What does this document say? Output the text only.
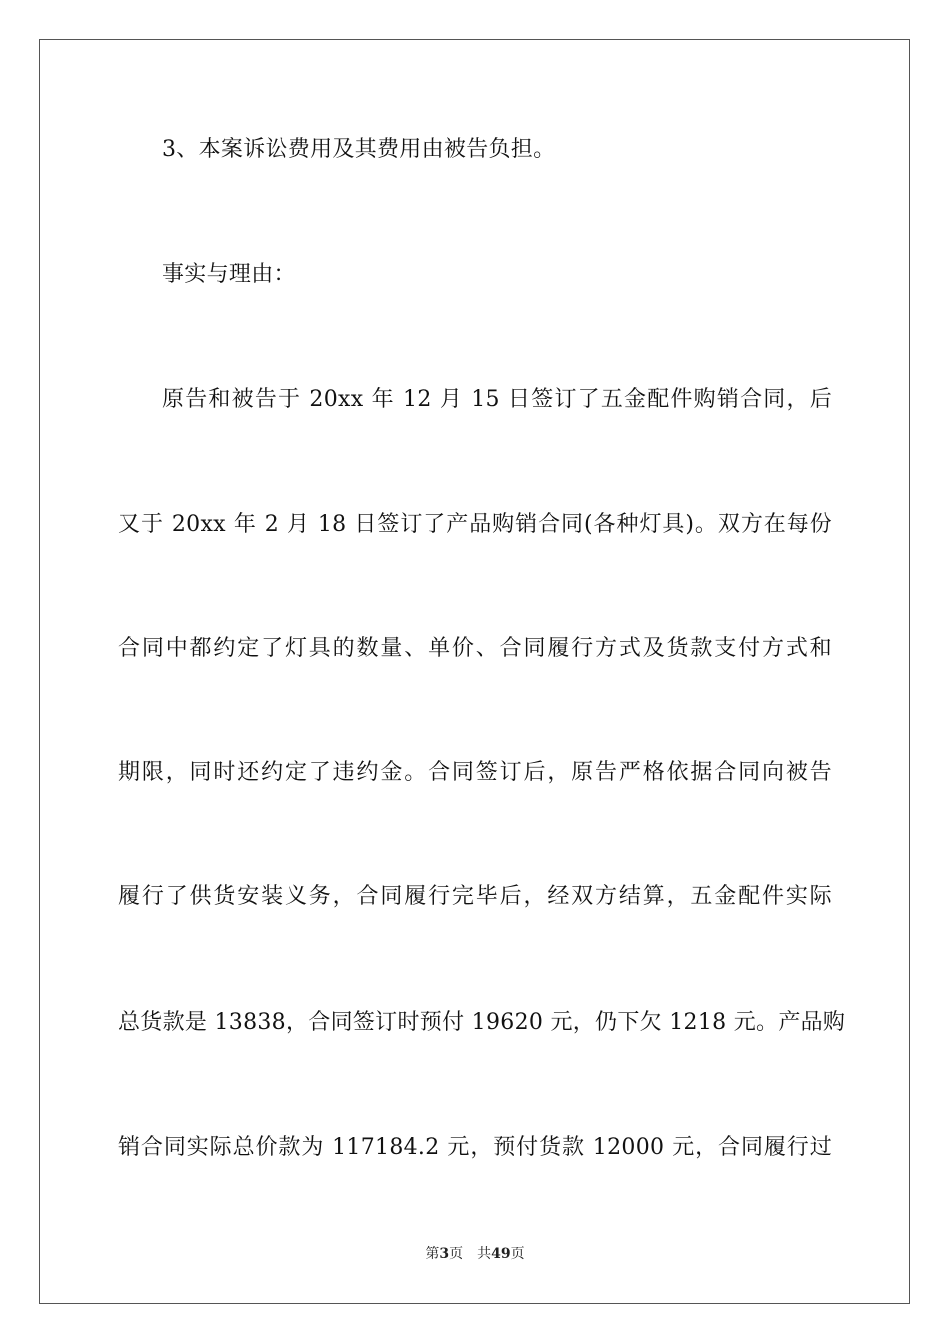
3、本案诉讼费用及其费用由被告负担。
事实与理由：
原告和被告于 20xx 年 12 月 15 日签订了五金配件购销合同，后
又于 20xx 年 2 月 18 日签订了产品购销合同(各种灯具)。双方在每份
合同中都约定了灯具的数量、单价、合同履行方式及货款支付方式和
期限，同时还约定了违约金。合同签订后，原告严格依据合同向被告
履行了供货安装义务，合同履行完毕后，经双方结算，五金配件实际
总货款是 13838，合同签订时预付 19620 元，仍下欠 1218 元。产品购
销合同实际总价款为 117184.2 元，预付货款 12000 元，合同履行过
第3页 共49页
